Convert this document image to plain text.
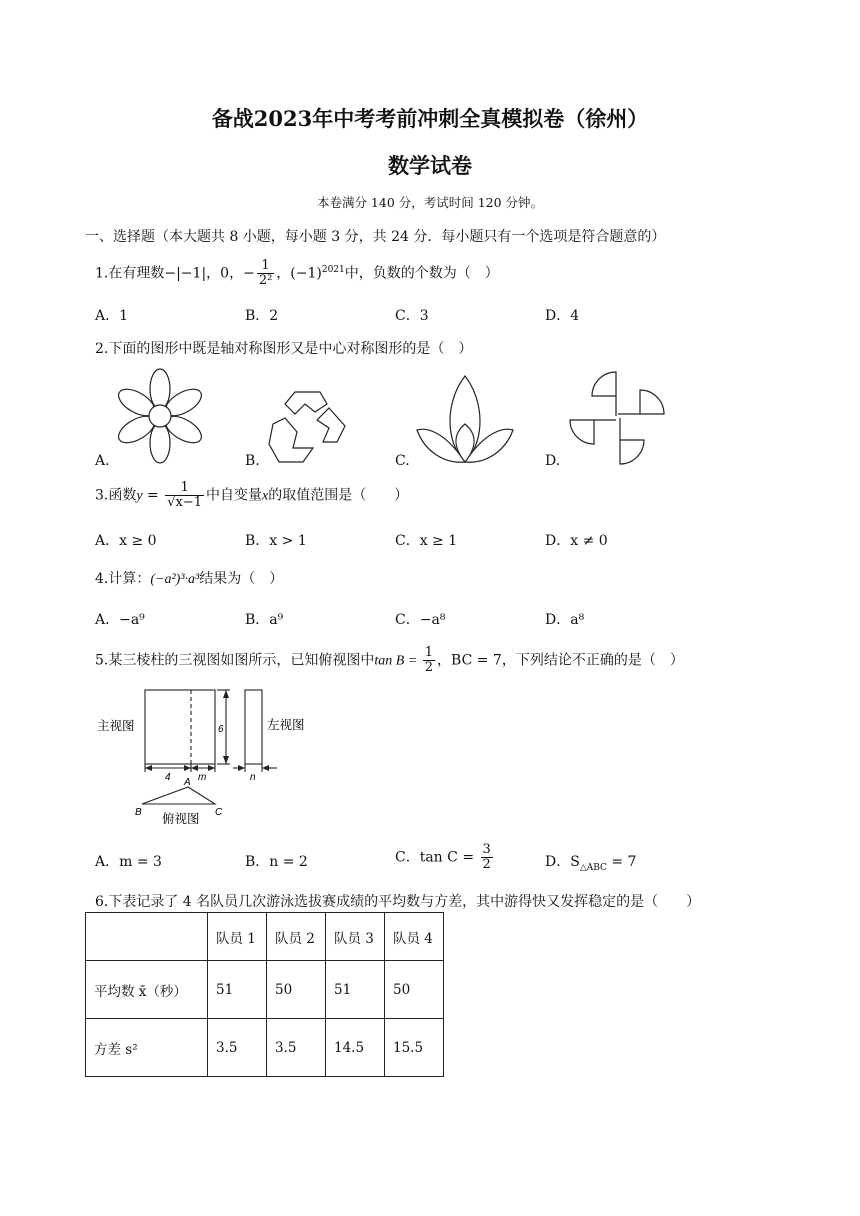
备战2023年中考考前冲刺全真模拟卷（徐州）
数学试卷
本卷满分 140 分，考试时间 120 分钟。
一、选择题（本大题共 8 小题，每小题 3 分，共 24 分．每小题只有一个选项是符合题意的）
1.在有理数−|−1|，0，− $\frac{1}{\text{2²}}$ ，$(-1)^{2021}$中，负数的个数为（　）
A．1	B．2	C．3	D．4
2.下面的图形中既是轴对称图形又是中心对称图形的是（　）
A.	B.	C.	D.
3.函数$y = \frac{1}{√x-1}$ 中自变量x的取值范围是（　　）
A．x ≥ 0	B．x > 1	C．x ≥ 1	D．x ≠ 0
4.计算：(−a²)³·a³结果为（　）
A．−a⁹	B．a⁹	C．−a⁸	D．a⁸
5.某三棱柱的三视图如图所示，已知俯视图中$\tan B = \frac{1}{2}$ ，BC = 7，下列结论不正确的是（　）
6
4	m	n
主视图	左视图
俯视图
A
B	C
A．m = 3	B．n = 2	C．$\tan C = \frac{3}{2}$	D．$S_{\triangle ABC} = 7$
6.下表记录了 4 名队员几次游泳选拔赛成绩的平均数与方差，其中游得快又发挥稳定的是（　　）
	队员 1	队员 2	队员 3	队员 4
平均数 x̄（秒）	51	50	51	50
方差 s²	3.5	3.5	14.5	15.5
